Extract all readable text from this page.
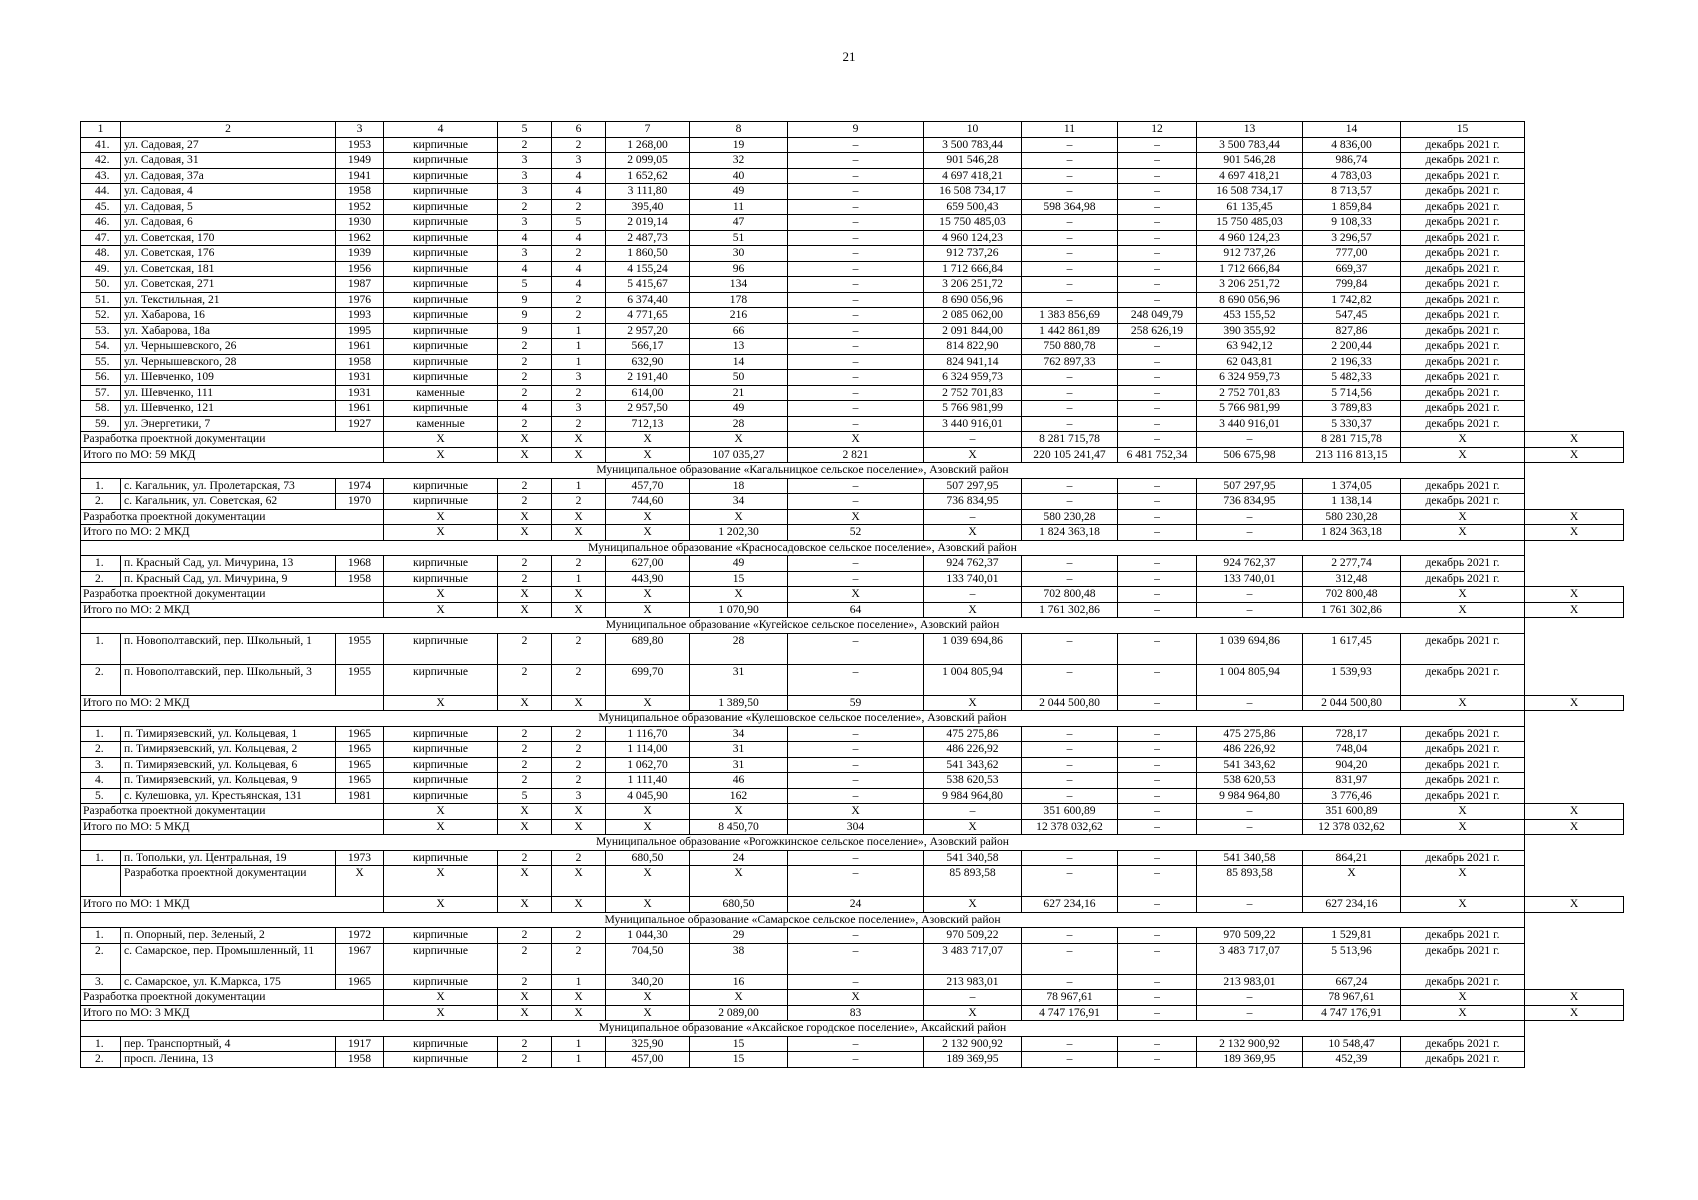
21
1	2	3	4	5	6	7	8	9	10	11	12	13	14	15	
41.	ул. Садовая, 27	1953	кирпичные	2	2	1 268,00	19	–	3 500 783,44	–	–	3 500 783,44	4 836,00	декабрь 2021 г.	
42.	ул. Садовая, 31	1949	кирпичные	3	3	2 099,05	32	–	901 546,28	–	–	901 546,28	986,74	декабрь 2021 г.	
43.	ул. Садовая, 37а	1941	кирпичные	3	4	1 652,62	40	–	4 697 418,21	–	–	4 697 418,21	4 783,03	декабрь 2021 г.	
44.	ул. Садовая, 4	1958	кирпичные	3	4	3 111,80	49	–	16 508 734,17	–	–	16 508 734,17	8 713,57	декабрь 2021 г.	
45.	ул. Садовая, 5	1952	кирпичные	2	2	395,40	11	–	659 500,43	598 364,98	–	61 135,45	1 859,84	декабрь 2021 г.	
46.	ул. Садовая, 6	1930	кирпичные	3	5	2 019,14	47	–	15 750 485,03	–	–	15 750 485,03	9 108,33	декабрь 2021 г.	
47.	ул. Советская, 170	1962	кирпичные	4	4	2 487,73	51	–	4 960 124,23	–	–	4 960 124,23	3 296,57	декабрь 2021 г.	
48.	ул. Советская, 176	1939	кирпичные	3	2	1 860,50	30	–	912 737,26	–	–	912 737,26	777,00	декабрь 2021 г.	
49.	ул. Советская, 181	1956	кирпичные	4	4	4 155,24	96	–	1 712 666,84	–	–	1 712 666,84	669,37	декабрь 2021 г.	
50.	ул. Советская, 271	1987	кирпичные	5	4	5 415,67	134	–	3 206 251,72	–	–	3 206 251,72	799,84	декабрь 2021 г.	
51.	ул. Текстильная, 21	1976	кирпичные	9	2	6 374,40	178	–	8 690 056,96	–	–	8 690 056,96	1 742,82	декабрь 2021 г.	
52.	ул. Хабарова, 16	1993	кирпичные	9	2	4 771,65	216	–	2 085 062,00	1 383 856,69	248 049,79	453 155,52	547,45	декабрь 2021 г.	
53.	ул. Хабарова, 18а	1995	кирпичные	9	1	2 957,20	66	–	2 091 844,00	1 442 861,89	258 626,19	390 355,92	827,86	декабрь 2021 г.	
54.	ул. Чернышевского, 26	1961	кирпичные	2	1	566,17	13	–	814 822,90	750 880,78	–	63 942,12	2 200,44	декабрь 2021 г.	
55.	ул. Чернышевского, 28	1958	кирпичные	2	1	632,90	14	–	824 941,14	762 897,33	–	62 043,81	2 196,33	декабрь 2021 г.	
56.	ул. Шевченко, 109	1931	кирпичные	2	3	2 191,40	50	–	6 324 959,73	–	–	6 324 959,73	5 482,33	декабрь 2021 г.	
57.	ул. Шевченко, 111	1931	каменные	2	2	614,00	21	–	2 752 701,83	–	–	2 752 701,83	5 714,56	декабрь 2021 г.	
58.	ул. Шевченко, 121	1961	кирпичные	4	3	2 957,50	49	–	5 766 981,99	–	–	5 766 981,99	3 789,83	декабрь 2021 г.	
59.	ул. Энергетики, 7	1927	каменные	2	2	712,13	28	–	3 440 916,01	–	–	3 440 916,01	5 330,37	декабрь 2021 г.	
Разработка проектной документации			X	X	X	X	X	X	–	8 281 715,78	–	–	8 281 715,78	X	X
Итого по МО: 59 МКД			X	X	X	X	107 035,27	2 821	X	220 105 241,47	6 481 752,34	506 675,98	213 116 813,15	X	X
Муниципальное образование «Кагальницкое сельское поселение», Азовский район															
1.	с. Кагальник, ул. Пролетарская, 73	1974	кирпичные	2	1	457,70	18	–	507 297,95	–	–	507 297,95	1 374,05	декабрь 2021 г.	
2.	с. Кагальник, ул. Советская, 62	1970	кирпичные	2	2	744,60	34	–	736 834,95	–	–	736 834,95	1 138,14	декабрь 2021 г.	
Разработка проектной документации			X	X	X	X	X	X	–	580 230,28	–	–	580 230,28	X	X
Итого по МО: 2 МКД			X	X	X	X	1 202,30	52	X	1 824 363,18	–	–	1 824 363,18	X	X
Муниципальное образование «Красносадовское сельское поселение», Азовский район															
1.	п. Красный Сад, ул. Мичурина, 13	1968	кирпичные	2	2	627,00	49	–	924 762,37	–	–	924 762,37	2 277,74	декабрь 2021 г.	
2.	п. Красный Сад, ул. Мичурина, 9	1958	кирпичные	2	1	443,90	15	–	133 740,01	–	–	133 740,01	312,48	декабрь 2021 г.	
Разработка проектной документации			X	X	X	X	X	X	–	702 800,48	–	–	702 800,48	X	X
Итого по МО: 2 МКД			X	X	X	X	1 070,90	64	X	1 761 302,86	–	–	1 761 302,86	X	X
Муниципальное образование «Кугейское сельское поселение», Азовский район															
1.	п. Новополтавский, пер. Школьный, 1	1955	кирпичные	2	2	689,80	28	–	1 039 694,86	–	–	1 039 694,86	1 617,45	декабрь 2021 г.	
2.	п. Новополтавский, пер. Школьный, 3	1955	кирпичные	2	2	699,70	31	–	1 004 805,94	–	–	1 004 805,94	1 539,93	декабрь 2021 г.	
Итого по МО: 2 МКД			X	X	X	X	1 389,50	59	X	2 044 500,80	–	–	2 044 500,80	X	X
Муниципальное образование «Кулешовское сельское поселение», Азовский район															
1.	п. Тимирязевский, ул. Кольцевая, 1	1965	кирпичные	2	2	1 116,70	34	–	475 275,86	–	–	475 275,86	728,17	декабрь 2021 г.	
2.	п. Тимирязевский, ул. Кольцевая, 2	1965	кирпичные	2	2	1 114,00	31	–	486 226,92	–	–	486 226,92	748,04	декабрь 2021 г.	
3.	п. Тимирязевский, ул. Кольцевая, 6	1965	кирпичные	2	2	1 062,70	31	–	541 343,62	–	–	541 343,62	904,20	декабрь 2021 г.	
4.	п. Тимирязевский, ул. Кольцевая, 9	1965	кирпичные	2	2	1 111,40	46	–	538 620,53	–	–	538 620,53	831,97	декабрь 2021 г.	
5.	с. Кулешовка, ул. Крестьянская, 131	1981	кирпичные	5	3	4 045,90	162	–	9 984 964,80	–	–	9 984 964,80	3 776,46	декабрь 2021 г.	
Разработка проектной документации			X	X	X	X	X	X	–	351 600,89	–	–	351 600,89	X	X
Итого по МО: 5 МКД			X	X	X	X	8 450,70	304	X	12 378 032,62	–	–	12 378 032,62	X	X
Муниципальное образование «Рогожкинское сельское поселение», Азовский район															
1.	п. Топольки, ул. Центральная, 19	1973	кирпичные	2	2	680,50	24	–	541 340,58	–	–	541 340,58	864,21	декабрь 2021 г.	
	Разработка проектной документации	X	X	X	X	X	X	–	85 893,58	–	–	85 893,58	X	X	
Итого по МО: 1 МКД			X	X	X	X	680,50	24	X	627 234,16	–	–	627 234,16	X	X
Муниципальное образование «Самарское сельское поселение», Азовский район															
1.	п. Опорный, пер. Зеленый, 2	1972	кирпичные	2	2	1 044,30	29	–	970 509,22	–	–	970 509,22	1 529,81	декабрь 2021 г.	
2.	с. Самарское, пер. Промышленный, 11	1967	кирпичные	2	2	704,50	38	–	3 483 717,07	–	–	3 483 717,07	5 513,96	декабрь 2021 г.	
3.	с. Самарское, ул. К.Маркса, 175	1965	кирпичные	2	1	340,20	16	–	213 983,01	–	–	213 983,01	667,24	декабрь 2021 г.	
Разработка проектной документации			X	X	X	X	X	X	–	78 967,61	–	–	78 967,61	X	X
Итого по МО: 3 МКД			X	X	X	X	2 089,00	83	X	4 747 176,91	–	–	4 747 176,91	X	X
Муниципальное образование «Аксайское городское поселение», Аксайский район															
1.	пер. Транспортный, 4	1917	кирпичные	2	1	325,90	15	–	2 132 900,92	–	–	2 132 900,92	10 548,47	декабрь 2021 г.	
2.	просп. Ленина, 13	1958	кирпичные	2	1	457,00	15	–	189 369,95	–	–	189 369,95	452,39	декабрь 2021 г.	
